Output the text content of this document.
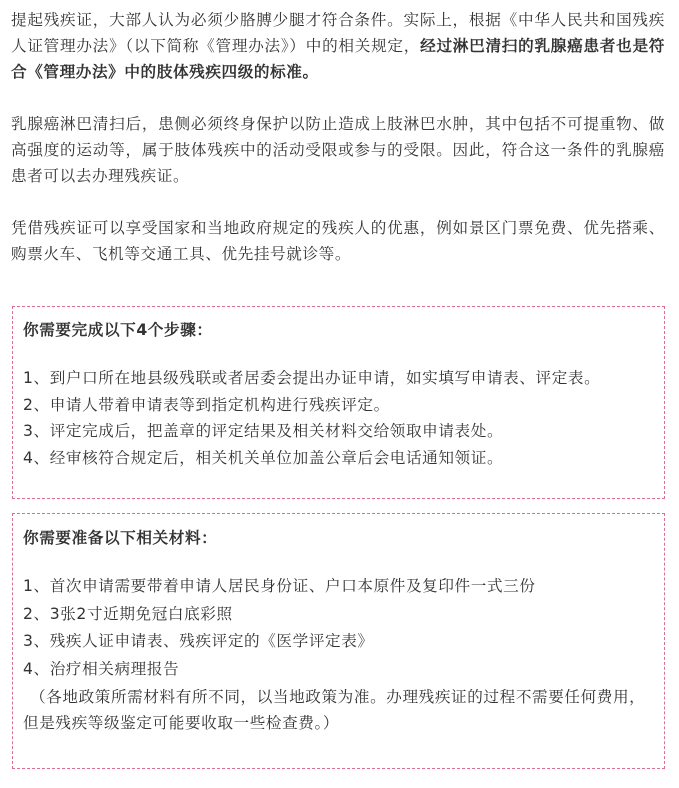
提起残疾证，大部人认为必须少胳膊少腿才符合条件。实际上，根据《中华人民共和国残疾人证管理办法》（以下简称《管理办法》）中的相关规定，经过淋巴清扫的乳腺癌患者也是符合《管理办法》中的肢体残疾四级的标准。

乳腺癌淋巴清扫后，患侧必须终身保护以防止造成上肢淋巴水肿，其中包括不可提重物、做高强度的运动等，属于肢体残疾中的活动受限或参与的受限。因此，符合这一条件的乳腺癌患者可以去办理残疾证。

凭借残疾证可以享受国家和当地政府规定的残疾人的优惠，例如景区门票免费、优先搭乘、购票火车、飞机等交通工具、优先挂号就诊等。

你需要完成以下4个步骤：
1、到户口所在地县级残联或者居委会提出办证申请，如实填写申请表、评定表。
2、申请人带着申请表等到指定机构进行残疾评定。
3、评定完成后，把盖章的评定结果及相关材料交给领取申请表处。
4、经审核符合规定后，相关机关单位加盖公章后会电话通知领证。
你需要准备以下相关材料：
1、首次申请需要带着申请人居民身份证、户口本原件及复印件一式三份
2、3张2寸近期免冠白底彩照
3、残疾人证申请表、残疾评定的《医学评定表》
4、治疗相关病理报告

（各地政策所需材料有所不同，以当地政策为准。办理残疾证的过程不需要任何费用，但是残疾等级鉴定可能要收取一些检查费。）
